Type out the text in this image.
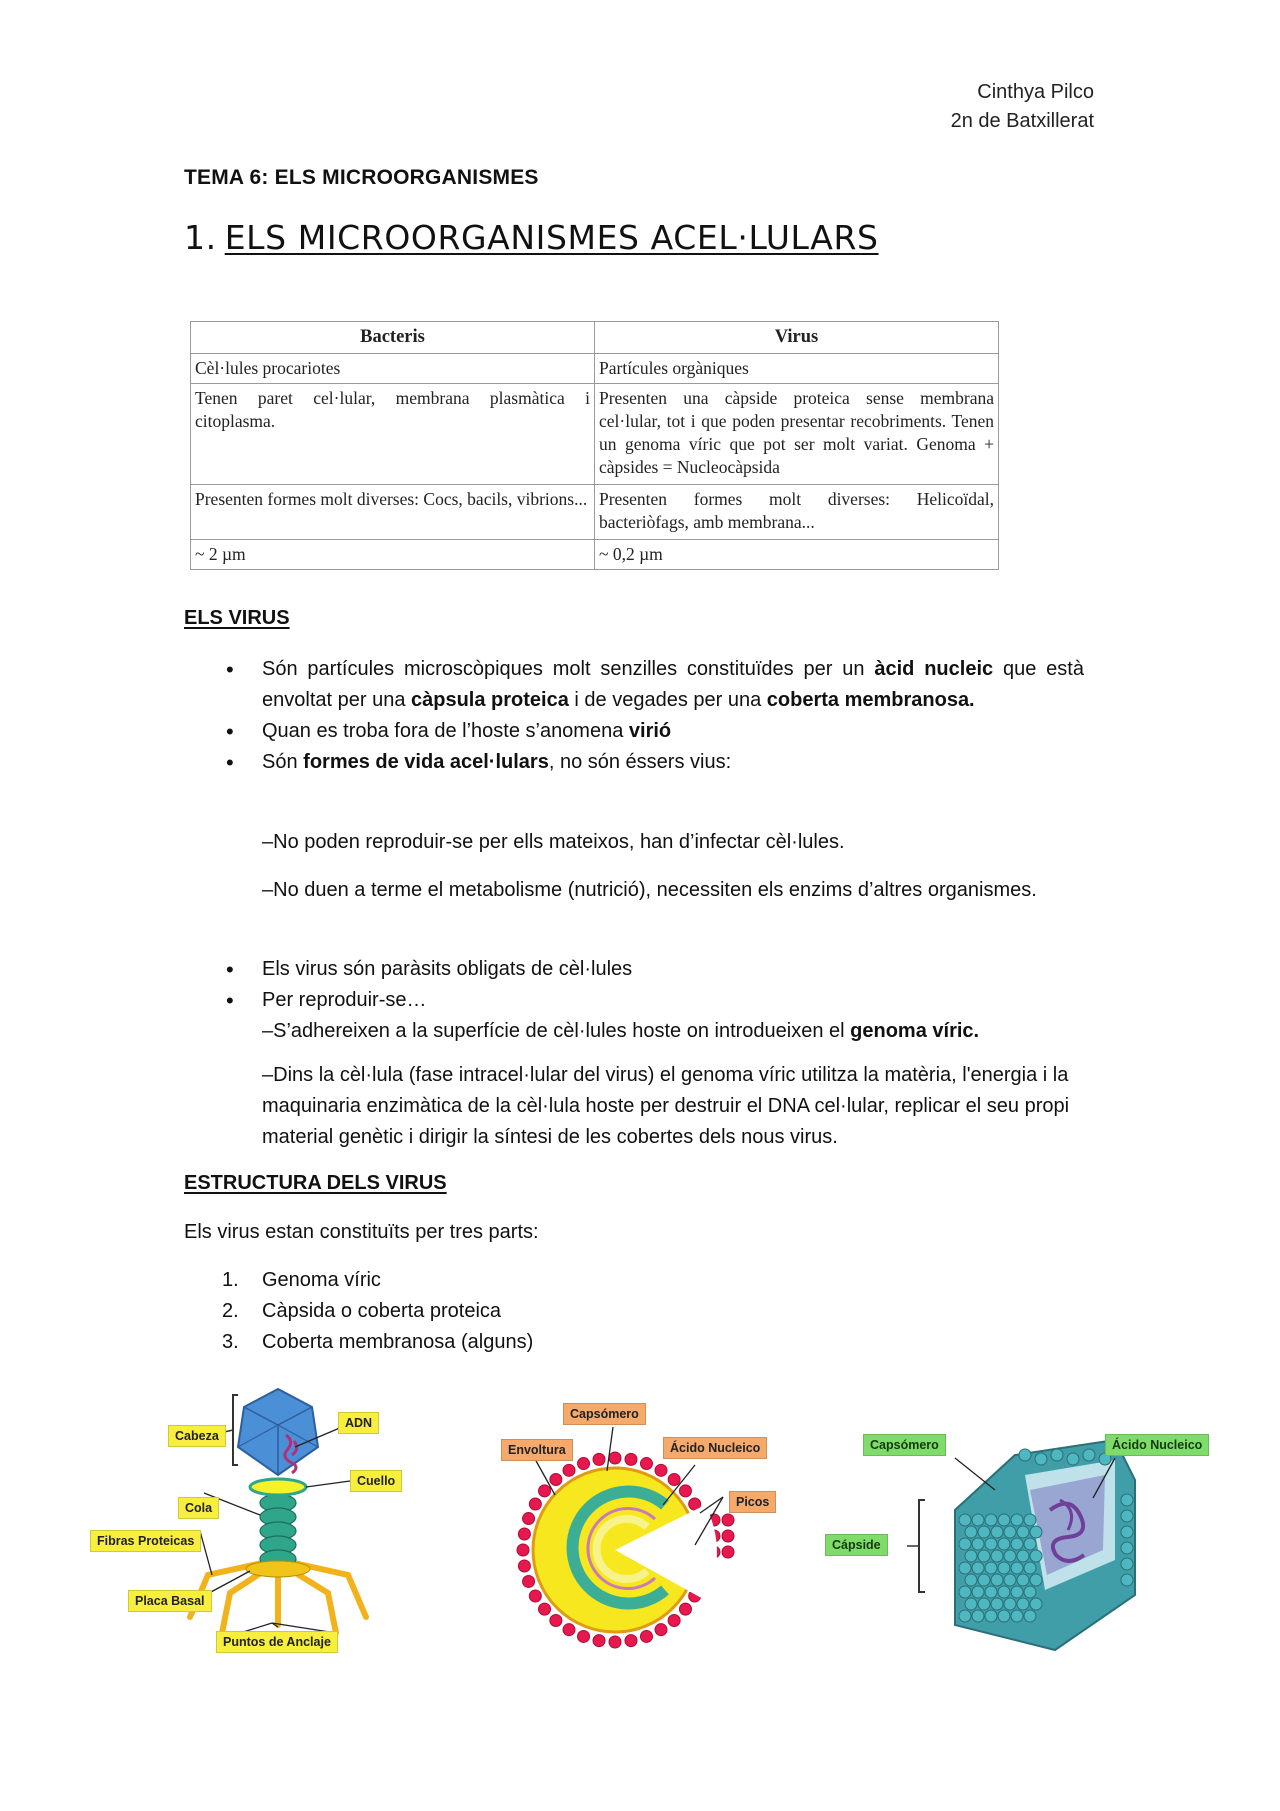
Cinthya Pilco
2n de Batxillerat
TEMA 6: ELS MICROORGANISMES
1. ELS MICROORGANISMES ACEL·LULARS
Bacteris	Virus
Cèl·lules procariotes	Partícules orgàniques
Tenen paret cel·lular, membrana plasmàtica i citoplasma.	Presenten una càpside proteica sense membrana cel·lular, tot i que poden presentar recobriments. Tenen un genoma víric que pot ser molt variat. Genoma + càpsides = Nucleocàpsida
Presenten formes molt diverses: Cocs, bacils, vibrions...	Presenten formes molt diverses: Helicoïdal, bacteriòfags, amb membrana...
~ 2 µm	~ 0,2 µm
ELS VIRUS
• Són partícules microscòpiques molt senzilles constituïdes per un àcid nucleic que està envoltat per una càpsula proteica i de vegades per una coberta membranosa.
• Quan es troba fora de l’hoste s’anomena virió
• Són formes de vida acel·lulars, no són éssers vius:
–No poden reproduir-se per ells mateixos, han d’infectar cèl·lules.
–No duen a terme el metabolisme (nutrició), necessiten els enzims d’altres organismes.
• Els virus són paràsits obligats de cèl·lules
• Per reproduir-se…
–S’adhereixen a la superfície de cèl·lules hoste on introdueixen el genoma víric.
–Dins la cèl·lula (fase intracel·lular del virus) el genoma víric utilitza la matèria, l'energia i la maquinaria enzimàtica de la cèl·lula hoste per destruir el DNA cel·lular, replicar el seu propi material genètic i dirigir la síntesi de les cobertes dels nous virus.
ESTRUCTURA DELS VIRUS
Els virus estan constituïts per tres parts:
1. Genoma víric
2. Càpsida o coberta proteica
3. Coberta membranosa (alguns)
Cabeza
ADN
Cuello
Cola
Fibras Proteicas
Placa Basal
Puntos de Anclaje
Capsómero
Envoltura	Ácido Nucleico
Picos
Capsómero	Ácido Nucleico
Cápside
